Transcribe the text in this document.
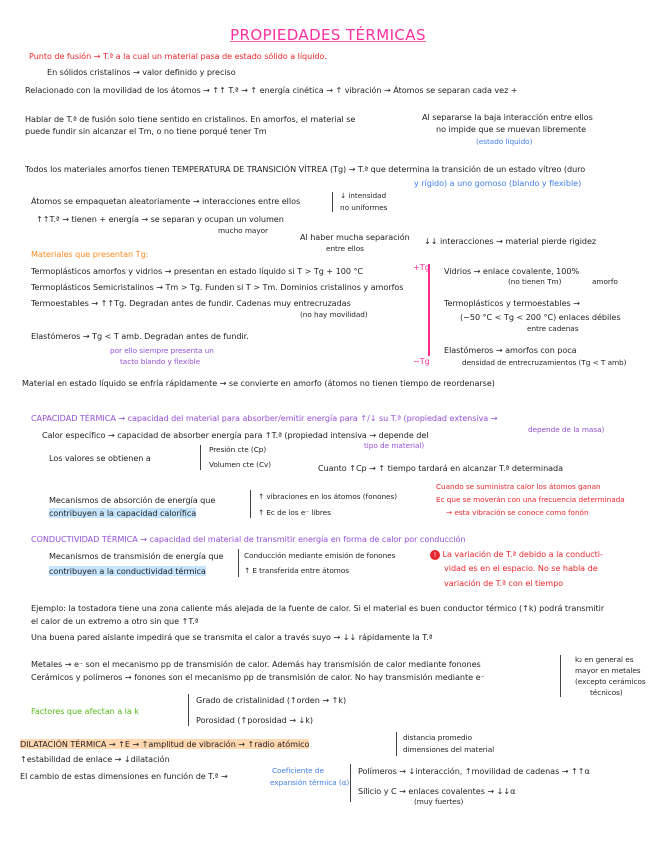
PROPIEDADES TÉRMICAS
Punto de fusión → T.ª a la cual un material pasa de estado sólido a líquido.
En sólidos cristalinos → valor definido y preciso
Relacionado con la movilidad de los átomos → ↑↑ T.ª → ↑ energía cinética → ↑ vibración → Átomos se separan cada vez +
Hablar de T.ª de fusión solo tiene sentido en cristalinos. En amorfos, el material se
puede fundir sin alcanzar el Tm, o no tiene porqué tener Tm
Al separarse la baja interacción entre ellos
no impide que se muevan libremente
(estado líquido)
Todos los materiales amorfos tienen TEMPERATURA DE TRANSICIÓN VÍTREA (Tg) → T.ª que determina la transición de un estado vítreo (duro
y rígido) a uno gomoso (blando y flexible)
Átomos se empaquetan aleatoriamente → interacciones entre ellos
↓ intensidad
no uniformes
↑↑T.ª → tienen + energía → se separan y ocupan un volumen
mucho mayor
Al haber mucha separación
entre ellos
↓↓ interacciones → material pierde rigidez
Materiales que presentan Tg:
Termoplásticos amorfos y vidrios → presentan en estado líquido si T > Tg + 100 °C
Termoplásticos Semicristalinos → Tm > Tg. Funden si T > Tm. Dominios cristalinos y amorfos
Termoestables → ↑↑Tg. Degradan antes de fundir. Cadenas muy entrecruzadas
(no hay movilidad)
Elastómeros → Tg < T amb. Degradan antes de fundir.
por ello siempre presenta un
tacto blando y flexible
+Tg
−Tg
Vidrios → enlace covalente, 100%
(no tienen Tm)	amorfo
Termoplásticos y termoestables →
(−50 °C < Tg < 200 °C) enlaces débiles
entre cadenas
Elastómeros → amorfos con poca
densidad de entrecruzamientos (Tg < T amb)
Material en estado líquido se enfría rápidamente → se convierte en amorfo (átomos no tienen tiempo de reordenarse)
CAPACIDAD TÉRMICA → capacidad del material para absorber/emitir energía para ↑/↓ su T.ª (propiedad extensiva →
depende de la masa)
Calor específico → capacidad de absorber energía para ↑T.ª (propiedad intensiva → depende del
tipo de material)
Los valores se obtienen a
Presión cte (Cp)
Volumen cte (Cv)	Cuanto ↑Cp → ↑ tiempo tardará en alcanzar T.ª determinada
Mecanismos de absorción de energía que
contribuyen a la capacidad calorífica
↑ vibraciones en los átomos (fonones)
↑ Ec de los e⁻ libres
Cuando se suministra calor los átomos ganan
Ec que se moverán con una frecuencia determinada
→ esta vibración se conoce como fonón
CONDUCTIVIDAD TÉRMICA → capacidad del material de transmitir energía en forma de calor por conducción
Mecanismos de transmisión de energía que
contribuyen a la conductividad térmica
Conducción mediante emisión de fonones
↑ E transferida entre átomos
! La variación de T.ª debido a la conducti-
vidad es en el espacio. No se habla de
variación de T.ª con el tiempo
Ejemplo: la tostadora tiene una zona caliente más alejada de la fuente de calor. Si el material es buen conductor térmico (↑k) podrá transmitir
el calor de un extremo a otro sin que ↑T.ª
Una buena pared aislante impedirá que se transmita el calor a través suyo → ↓↓ rápidamente la T.ª
Metales → e⁻ son el mecanismo pp de transmisión de calor. Además hay transmisión de calor mediante fonones
Cerámicos y polímeros → fonones son el mecanismo pp de transmisión de calor. No hay transmisión mediante e⁻
k₂ en general es
mayor en metales
(excepto cerámicos
técnicos)
Grado de cristalinidad (↑orden → ↑k)
Factores que afectan a la k
Porosidad (↑porosidad → ↓k)
DILATACIÓN TÉRMICA → ↑E → ↑amplitud de vibración → ↑radio atómico
distancia promedio
dimensiones del material
↑estabilidad de enlace → ↓dilatación
El cambio de estas dimensiones en función de T.ª →
Coeficiente de
expansión térmica (α)
Polímeros → ↓interacción, ↑movilidad de cadenas → ↑↑α
Silicio y C → enlaces covalentes → ↓↓α
(muy fuertes)
